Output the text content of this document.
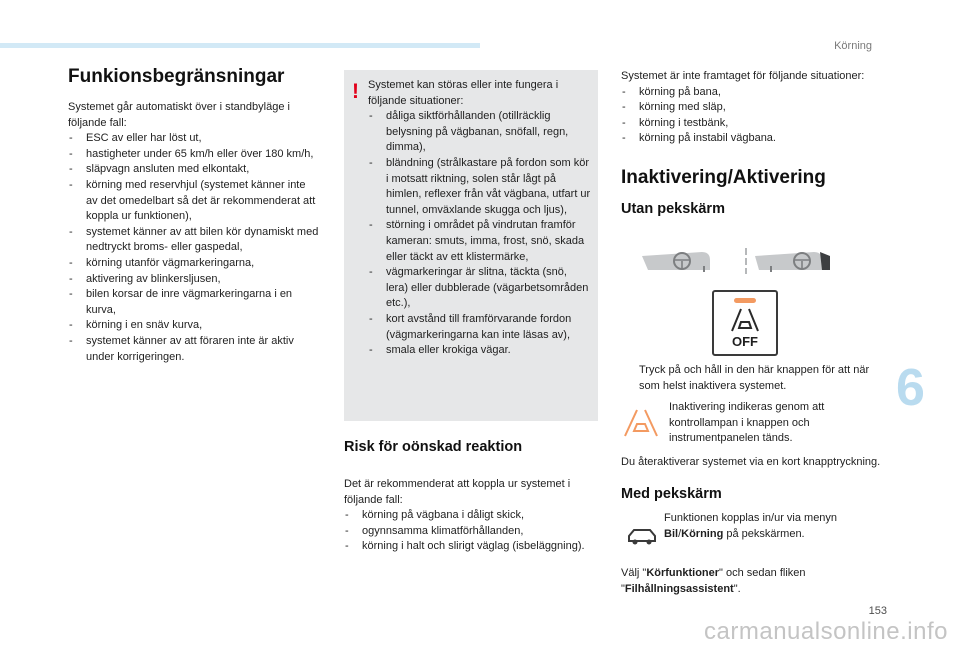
Körning
6
153
Funkionsbegränsningar

Systemet går automatiskt över i standbyläge i följande fall:

- ESC av eller har löst ut,
- hastigheter under 65 km/h eller över 180 km/h,
- släpvagn ansluten med elkontakt,
- körning med reservhjul (systemet känner inte av det omedelbart så det är rekommenderat att koppla ur funktionen),
- systemet känner av att bilen kör dynamiskt med nedtryckt broms- eller gaspedal,
- körning utanför vägmarkeringarna,
- aktivering av blinkersljusen,
- bilen korsar de inre vägmarkeringarna i en kurva,
- körning i en snäv kurva,
- systemet känner av att föraren inte är aktiv under korrigeringen.
! Systemet kan störas eller inte fungera i följande situationer:

- dåliga siktförhållanden (otillräcklig belysning på vägbanan, snöfall, regn, dimma),
- bländning (strålkastare på fordon som kör i motsatt riktning, solen står lågt på himlen, reflexer från våt vägbana, utfart ur tunnel, omväxlande skugga och ljus),
- störning i området på vindrutan framför kameran: smuts, imma, frost, snö, skada eller täckt av ett klistermärke,
- vägmarkeringar är slitna, täckta (snö, lera) eller dubblerade (vägarbetsområden etc.),
- kort avstånd till framförvarande fordon (vägmarkeringarna kan inte läsas av),
- smala eller krokiga vägar.
Risk för oönskad reaktion

Det är rekommenderat att koppla ur systemet i följande fall:

- körning på vägbana i dåligt skick,
- ogynnsamma klimatförhållanden,
- körning i halt och slirigt väglag (isbeläggning).

Systemet är inte framtaget för följande situationer:

- körning på bana,
- körning med släp,
- körning i testbänk,
- körning på instabil vägbana.
Inaktivering/Aktivering
Utan pekskärm
OFF

Tryck på och håll in den här knappen för att när som helst inaktivera systemet.

Inaktivering indikeras genom att kontrollampan i knappen och instrumentpanelen tänds.

Du återaktiverar systemet via en kort knapptryckning.

Med pekskärm

Funktionen kopplas in/ur via menyn
Bil/Körning på pekskärmen.

Välj "Körfunktioner" och sedan fliken "Filhållningsassistent".

carmanualsonline.info
